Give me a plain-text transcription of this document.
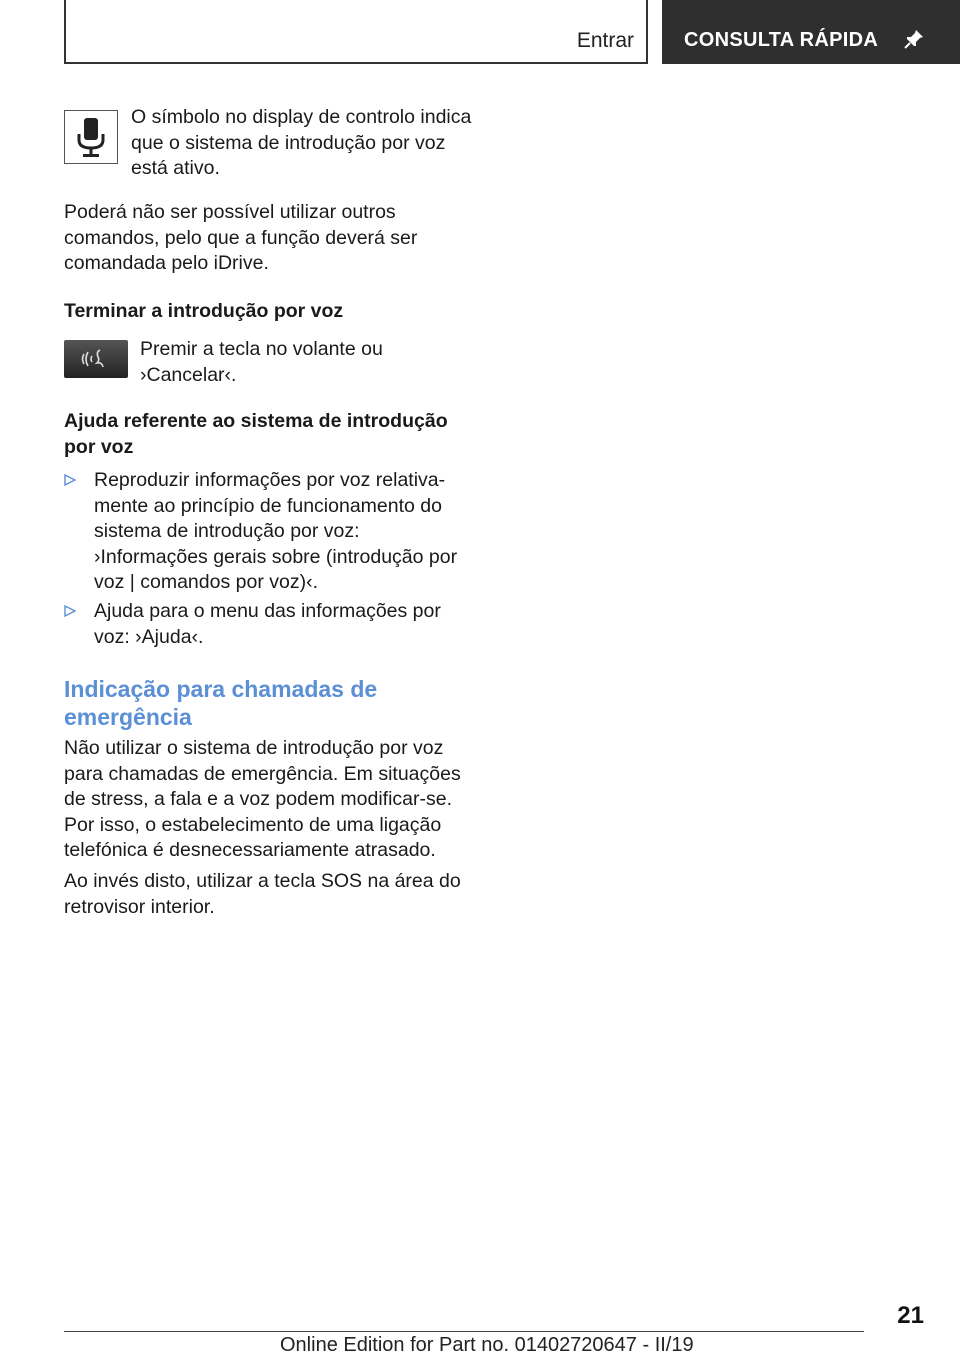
Entrar	CONSULTA RÁPIDA

O símbolo no display de controlo indica que o sistema de introdução por voz está ativo.

Poderá não ser possível utilizar outros comandos, pelo que a função deverá ser comandada pelo iDrive.

Terminar a introdução por voz

Premir a tecla no volante ou ›Cancelar‹.

Ajuda referente ao sistema de introdução por voz

Reproduzir informações por voz relativamente ao princípio de funcionamento do sistema de introdução por voz: ›Informações gerais sobre (introdução por voz | comandos por voz)‹.

Ajuda para o menu das informações por voz: ›Ajuda‹.

Indicação para chamadas de emergência

Não utilizar o sistema de introdução por voz para chamadas de emergência. Em situações de stress, a fala e a voz podem modificar-se. Por isso, o estabelecimento de uma ligação telefónica é desnecessariamente atrasado.

Ao invés disto, utilizar a tecla SOS na área do retrovisor interior.

21
Online Edition for Part no. 01402720647 - II/19
